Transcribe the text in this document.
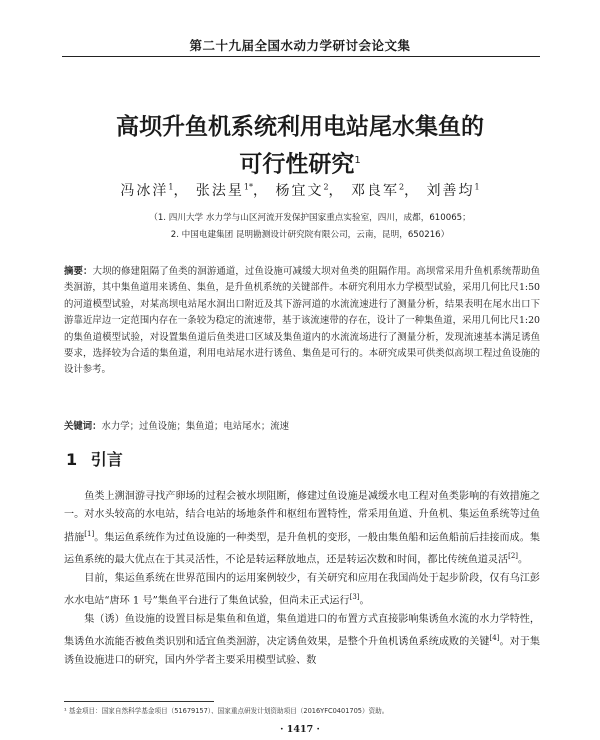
第二十九届全国水动力学研讨会论文集
高坝升鱼机系统利用电站尾水集鱼的
可行性研究$^1$
冯冰洋$^1$， 张法星$^{1*}$， 杨宜文$^2$， 邓良军$^2$， 刘善均$^1$
（1. 四川大学 水力学与山区河流开发保护国家重点实验室，四川，成都，610065；
2. 中国电建集团 昆明勘测设计研究院有限公司，云南，昆明，650216）

摘要：大坝的修建阻隔了鱼类的洄游通道，过鱼设施可减缓大坝对鱼类的阻隔作用。高坝常采用升鱼机系统帮助鱼类洄游，其中集鱼道用来诱鱼、集鱼，是升鱼机系统的关键部件。本研究利用水力学模型试验，采用几何比尺1:50的河道模型试验，对某高坝电站尾水洞出口附近及其下游河道的水流流速进行了测量分析，结果表明在尾水出口下游靠近岸边一定范围内存在一条较为稳定的流速带，基于该流速带的存在，设计了一种集鱼道，采用几何比尺1:20的集鱼道模型试验，对设置集鱼道后鱼类进口区域及集鱼道内的水流流场进行了测量分析，发现流速基本满足诱鱼要求，选择较为合适的集鱼道，利用电站尾水进行诱鱼、集鱼是可行的。本研究成果可供类似高坝工程过鱼设施的设计参考。

关键词：水力学；过鱼设施；集鱼道；电站尾水；流速
1 引言

鱼类上溯洄游寻找产卵场的过程会被水坝阻断，修建过鱼设施是减缓水电工程对鱼类影响的有效措施之一。对水头较高的水电站，结合电站的场地条件和枢纽布置特性，常采用鱼道、升鱼机、集运鱼系统等过鱼措施[1]。集运鱼系统作为过鱼设施的一种类型，是升鱼机的变形，一般由集鱼船和运鱼船前后挂接而成。集运鱼系统的最大优点在于其灵活性，不论是转运释放地点，还是转运次数和时间，都比传统鱼道灵活[2]。

目前，集运鱼系统在世界范围内的运用案例较少，有关研究和应用在我国尚处于起步阶段，仅有乌江彭水水电站“唐环 1 号”集鱼平台进行了集鱼试验，但尚未正式运行[3]。

集（诱）鱼设施的设置目标是集鱼和鱼道，集鱼道进口的布置方式直接影响集诱鱼水流的水力学特性，集诱鱼水流能否被鱼类识别和适宜鱼类洄游，决定诱鱼效果，是整个升鱼机诱鱼系统成败的关键[4]。对于集诱鱼设施进口的研究，国内外学者主要采用模型试验、数

¹ 基金项目：国家自然科学基金项目（51679157）、国家重点研发计划资助项目（2016YFC0401705）资助。
· 1417 ·
